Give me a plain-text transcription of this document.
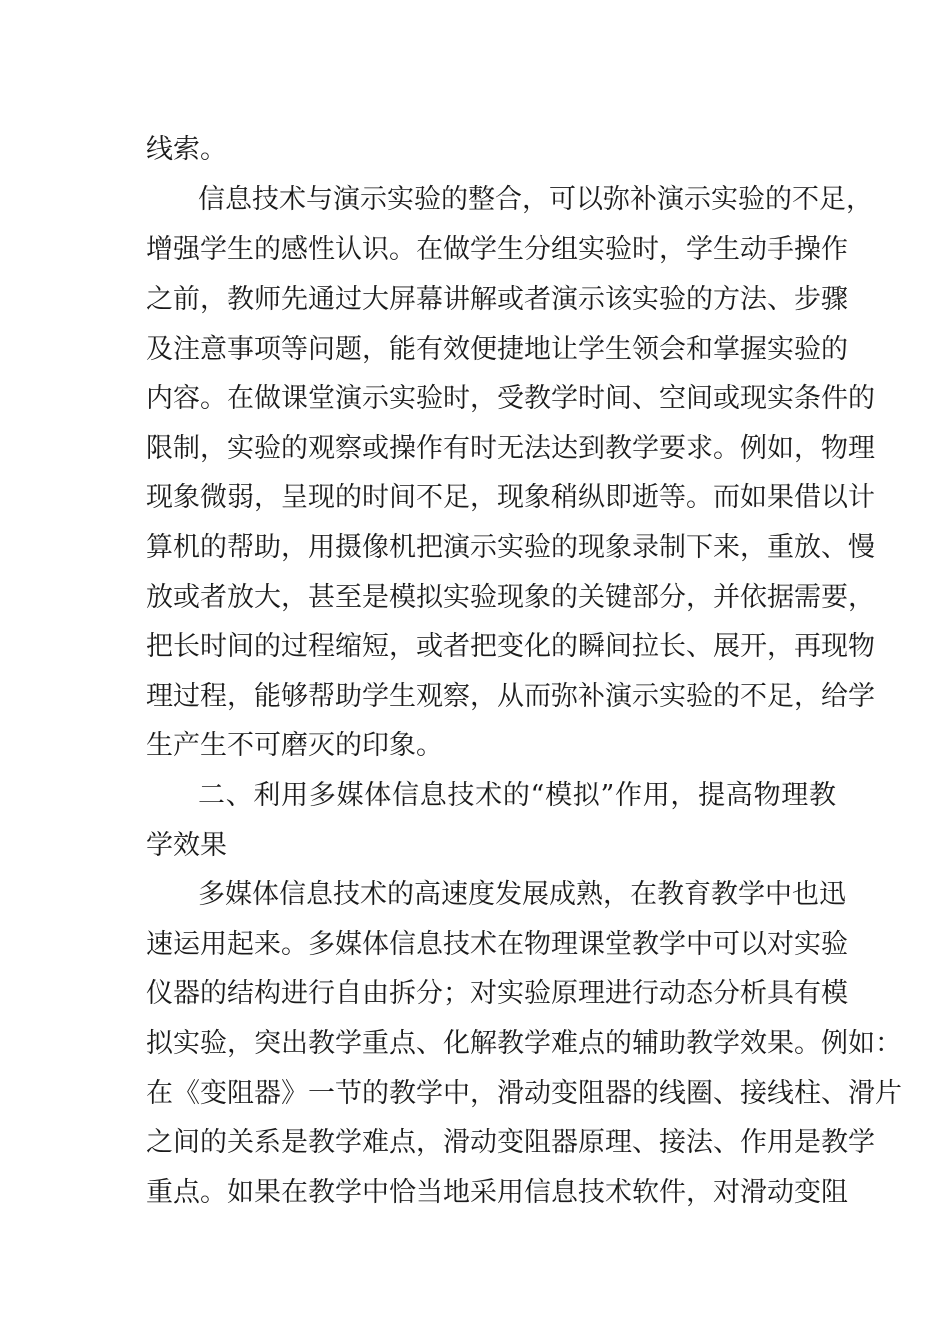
线索。
信息技术与演示实验的整合，可以弥补演示实验的不足，
增强学生的感性认识。在做学生分组实验时，学生动手操作
之前，教师先通过大屏幕讲解或者演示该实验的方法、步骤
及注意事项等问题，能有效便捷地让学生领会和掌握实验的
内容。在做课堂演示实验时，受教学时间、空间或现实条件的
限制，实验的观察或操作有时无法达到教学要求。例如，物理
现象微弱，呈现的时间不足，现象稍纵即逝等。而如果借以计
算机的帮助，用摄像机把演示实验的现象录制下来，重放、慢
放或者放大，甚至是模拟实验现象的关键部分，并依据需要，
把长时间的过程缩短，或者把变化的瞬间拉长、展开，再现物
理过程，能够帮助学生观察，从而弥补演示实验的不足，给学
生产生不可磨灭的印象。
二、利用多媒体信息技术的“模拟”作用，提高物理教
学效果
多媒体信息技术的高速度发展成熟，在教育教学中也迅
速运用起来。多媒体信息技术在物理课堂教学中可以对实验
仪器的结构进行自由拆分；对实验原理进行动态分析具有模
拟实验，突出教学重点、化解教学难点的辅助教学效果。例如：
在《变阻器》一节的教学中，滑动变阻器的线圈、接线柱、滑片
之间的关系是教学难点，滑动变阻器原理、接法、作用是教学
重点。如果在教学中恰当地采用信息技术软件，对滑动变阻
